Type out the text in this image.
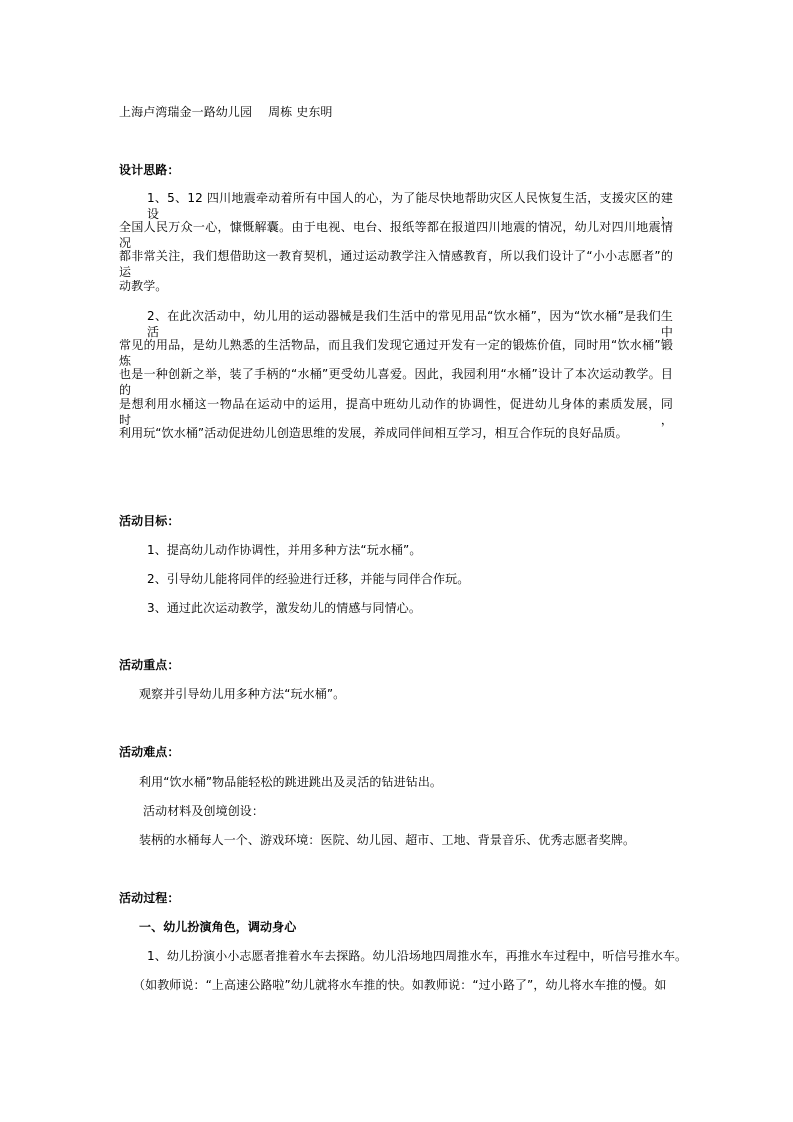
上海卢湾瑞金一路幼儿园　 周栋 史东明
设计思路：
1、5、12 四川地震牵动着所有中国人的心，为了能尽快地帮助灾区人民恢复生活，支援灾区的建设，
全国人民万众一心，慷慨解囊。由于电视、电台、报纸等都在报道四川地震的情况，幼儿对四川地震情况
都非常关注，我们想借助这一教育契机，通过运动教学注入情感教育，所以我们设计了“小小志愿者”的运
动教学。
2、在此次活动中，幼儿用的运动器械是我们生活中的常见用品“饮水桶”，因为“饮水桶”是我们生活中
常见的用品，是幼儿熟悉的生活物品，而且我们发现它通过开发有一定的锻炼价值，同时用“饮水桶”锻炼
也是一种创新之举，装了手柄的“水桶”更受幼儿喜爱。因此，我园利用“水桶”设计了本次运动教学。目的
是想利用水桶这一物品在运动中的运用，提高中班幼儿动作的协调性，促进幼儿身体的素质发展，同时，
利用玩“饮水桶”活动促进幼儿创造思维的发展，养成同伴间相互学习，相互合作玩的良好品质。
活动目标：
1、提高幼儿动作协调性，并用多种方法“玩水桶”。
2、引导幼儿能将同伴的经验进行迁移，并能与同伴合作玩。
3、通过此次运动教学，激发幼儿的情感与同情心。
活动重点：
观察并引导幼儿用多种方法“玩水桶”。
活动难点：
利用“饮水桶”物品能轻松的跳进跳出及灵活的钻进钻出。
活动材料及创境创设：
装柄的水桶每人一个、游戏环境：医院、幼儿园、超市、工地、背景音乐、优秀志愿者奖牌。
活动过程：
一、幼儿扮演角色，调动身心
1、幼儿扮演小小志愿者推着水车去探路。幼儿沿场地四周推水车，再推水车过程中，听信号推水车。
（如教师说：“上高速公路啦”幼儿就将水车推的快。如教师说：“过小路了”，幼儿将水车推的慢。如
